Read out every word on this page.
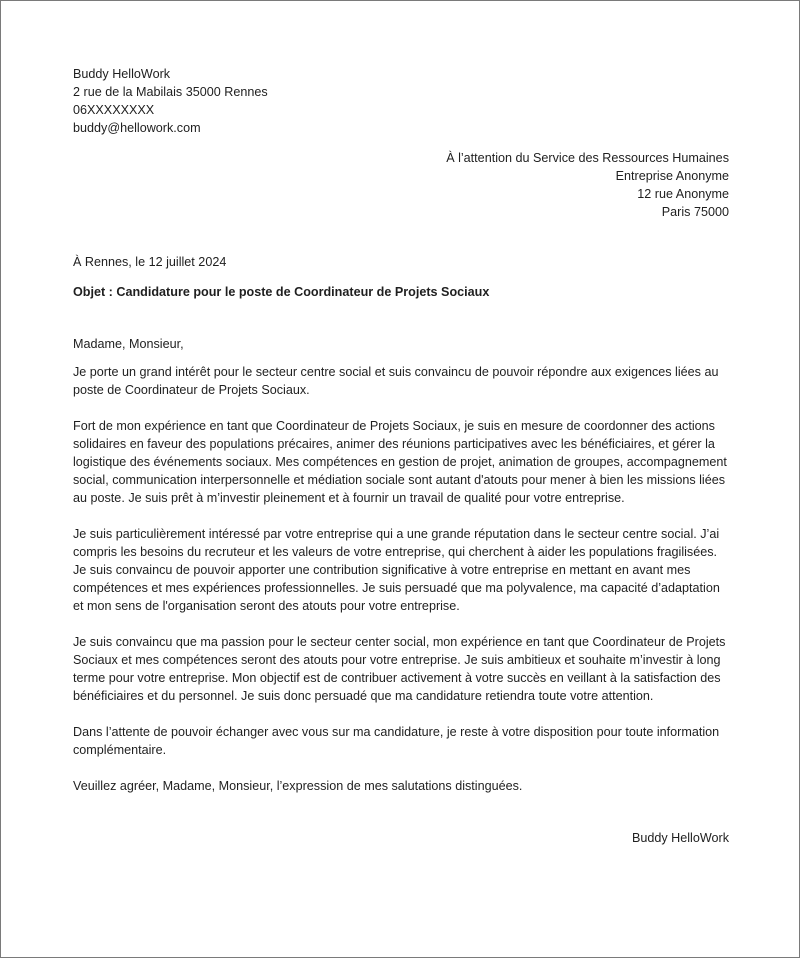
Buddy HelloWork

2 rue de la Mabilais 35000 Rennes

06XXXXXXXX

buddy@hellowork.com

À l’attention du Service des Ressources Humaines

Entreprise Anonyme

12 rue Anonyme

Paris 75000

À Rennes, le 12 juillet 2024

Objet : Candidature pour le poste de Coordinateur de Projets Sociaux

Madame, Monsieur,

Je porte un grand intérêt pour le secteur centre social et suis convaincu de pouvoir répondre aux exigences liées au poste de Coordinateur de Projets Sociaux.

Fort de mon expérience en tant que Coordinateur de Projets Sociaux, je suis en mesure de coordonner des actions solidaires en faveur des populations précaires, animer des réunions participatives avec les bénéficiaires, et gérer la logistique des événements sociaux. Mes compétences en gestion de projet, animation de groupes, accompagnement social, communication interpersonnelle et médiation sociale sont autant d'atouts pour mener à bien les missions liées au poste. Je suis prêt à m’investir pleinement et à fournir un travail de qualité pour votre entreprise.

Je suis particulièrement intéressé par votre entreprise qui a une grande réputation dans le secteur centre social. J’ai compris les besoins du recruteur et les valeurs de votre entreprise, qui cherchent à aider les populations fragilisées. Je suis convaincu de pouvoir apporter une contribution significative à votre entreprise en mettant en avant mes compétences et mes expériences professionnelles. Je suis persuadé que ma polyvalence, ma capacité d’adaptation et mon sens de l'organisation seront des atouts pour votre entreprise.

Je suis convaincu que ma passion pour le secteur center social, mon expérience en tant que Coordinateur de Projets Sociaux et mes compétences seront des atouts pour votre entreprise. Je suis ambitieux et souhaite m’investir à long terme pour votre entreprise. Mon objectif est de contribuer activement à votre succès en veillant à la satisfaction des bénéficiaires et du personnel. Je suis donc persuadé que ma candidature retiendra toute votre attention.

Dans l’attente de pouvoir échanger avec vous sur ma candidature, je reste à votre disposition pour toute information complémentaire.

Veuillez agréer, Madame, Monsieur, l’expression de mes salutations distinguées.

Buddy HelloWork
